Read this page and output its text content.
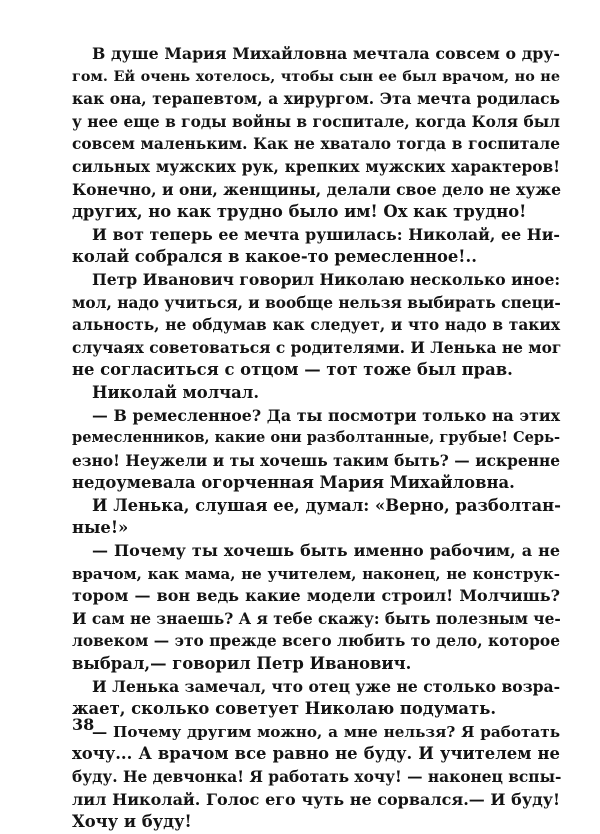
В душе Мария Михайловна мечтала совсем о дру-
гом. Ей очень хотелось, чтобы сын ее был врачом, но не
как она, терапевтом, а хирургом. Эта мечта родилась
у нее еще в годы войны в госпитале, когда Коля был
совсем маленьким. Как не хватало тогда в госпитале
сильных мужских рук, крепких мужских характеров!
Конечно, и они, женщины, делали свое дело не хуже
других, но как трудно было им! Ох как трудно!
И вот теперь ее мечта рушилась: Николай, ее Ни-
колай собрался в какое-то ремесленное!..
Петр Иванович говорил Николаю несколько иное:
мол, надо учиться, и вообще нельзя выбирать специ-
альность, не обдумав как следует, и что надо в таких
случаях советоваться с родителями. И Ленька не мог
не согласиться с отцом — тот тоже был прав.
Николай молчал.
— В ремесленное? Да ты посмотри только на этих
ремесленников, какие они разболтанные, грубые! Серь-
езно! Неужели и ты хочешь таким быть? — искренне
недоумевала огорченная Мария Михайловна.
И Ленька, слушая ее, думал: «Верно, разболтан-
ные!»
— Почему ты хочешь быть именно рабочим, а не
врачом, как мама, не учителем, наконец, не конструк-
тором — вон ведь какие модели строил! Молчишь?
И сам не знаешь? А я тебе скажу: быть полезным че-
ловеком — это прежде всего любить то дело, которое
выбрал,— говорил Петр Иванович.
И Ленька замечал, что отец уже не столько возра-
жает, сколько советует Николаю подумать.
— Почему другим можно, а мне нельзя? Я работать
хочу... А врачом все равно не буду. И учителем не
буду. Не девчонка! Я работать хочу! — наконец вспы-
лил Николай. Голос его чуть не сорвался.— И буду!
Хочу и буду!
38
